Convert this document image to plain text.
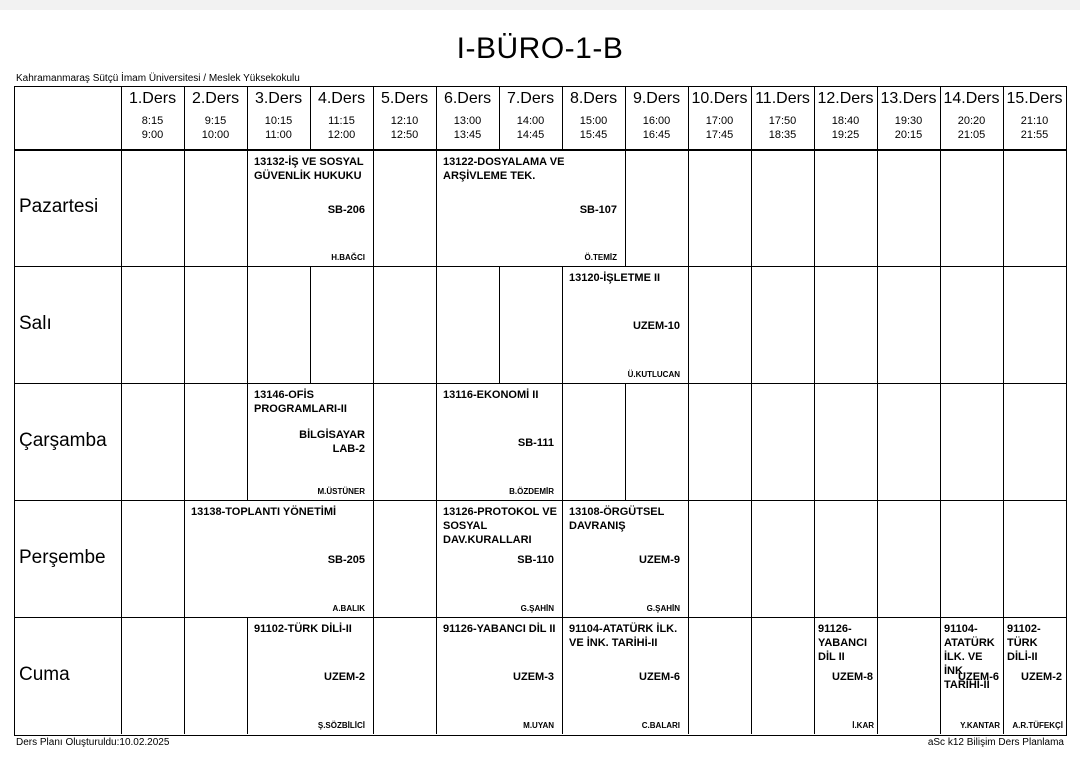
I-BÜRO-1-B
Kahramanmaraş Sütçü İmam Üniversitesi / Meslek Yüksekokulu
1.Ders
8:15
9:00
2.Ders
9:15
10:00
3.Ders
10:15
11:00
4.Ders
11:15
12:00
5.Ders
12:10
12:50
6.Ders
13:00
13:45
7.Ders
14:00
14:45
8.Ders
15:00
15:45
9.Ders
16:00
16:45
10.Ders
17:00
17:45
11.Ders
17:50
18:35
12.Ders
18:40
19:25
13.Ders
19:30
20:15
14.Ders
20:20
21:05
15.Ders
21:10
21:55
Pazartesi
13132-İŞ VE SOSYAL GÜVENLİK HUKUKU
SB-206
H.BAĞCI
13122-DOSYALAMA VE ARŞİVLEME TEK.
SB-107
Ö.TEMİZ
Salı
13120-İŞLETME II
UZEM-10
Ü.KUTLUCAN
Çarşamba
13146-OFİS PROGRAMLARI-II
BİLGİSAYAR LAB-2
M.ÜSTÜNER
13116-EKONOMİ II
SB-111
B.ÖZDEMİR
Perşembe
13138-TOPLANTI YÖNETİMİ
SB-205
A.BALIK
13126-PROTOKOL VE SOSYAL DAV.KURALLARI
SB-110
G.ŞAHİN
13108-ÖRGÜTSEL DAVRANIŞ
UZEM-9
G.ŞAHİN
Cuma
91102-TÜRK DİLİ-II
UZEM-2
Ş.SÖZBİLİCİ
91126-YABANCI DİL II
UZEM-3
M.UYAN
91104-ATATÜRK İLK. VE İNK. TARİHİ-II
UZEM-6
C.BALARI
91126-YABANCI DİL II
UZEM-8
İ.KAR
91104-ATATÜRK İLK. VE İNK. TARİHİ-II
UZEM-6
Y.KANTAR
91102-TÜRK DİLİ-II
UZEM-2
A.R.TÜFEKÇİ
Ders Planı Oluşturuldu:10.02.2025	aSc k12 Bilişim Ders Planlama
